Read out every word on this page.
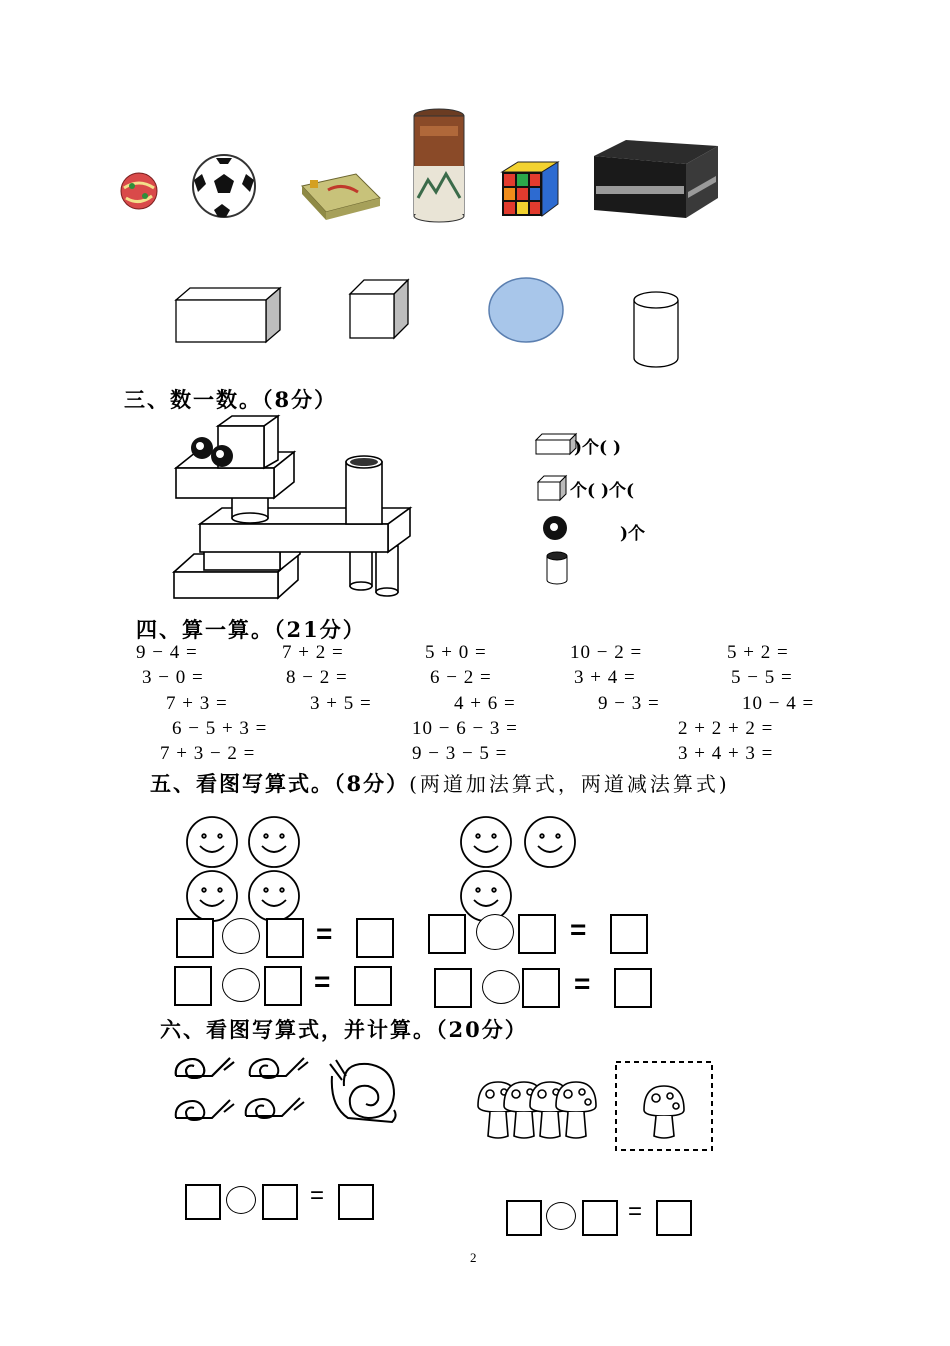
三、数一数。（8分）
)个( )
个( )个(
)个
四、算一算。（21分）
9 − 4 =	7 + 2 =	5 + 0 =	10 − 2 =	5 + 2 =
3 − 0 =	8 − 2 =	6 − 2 =	3 + 4 =	5 − 5 =
7 + 3 =	3 + 5 =	4 + 6 =	9 − 3 =	10 − 4 =
6 − 5 + 3 =	10 − 6 − 3 =	2 + 2 + 2 =
7 + 3 − 2 =	9 − 3 − 5 =	3 + 4 + 3 =
五、看图写算式。（8分）(两道加法算式，两道减法算式)
=	=
=	=
六、看图写算式，并计算。（20分）
=
=
2
